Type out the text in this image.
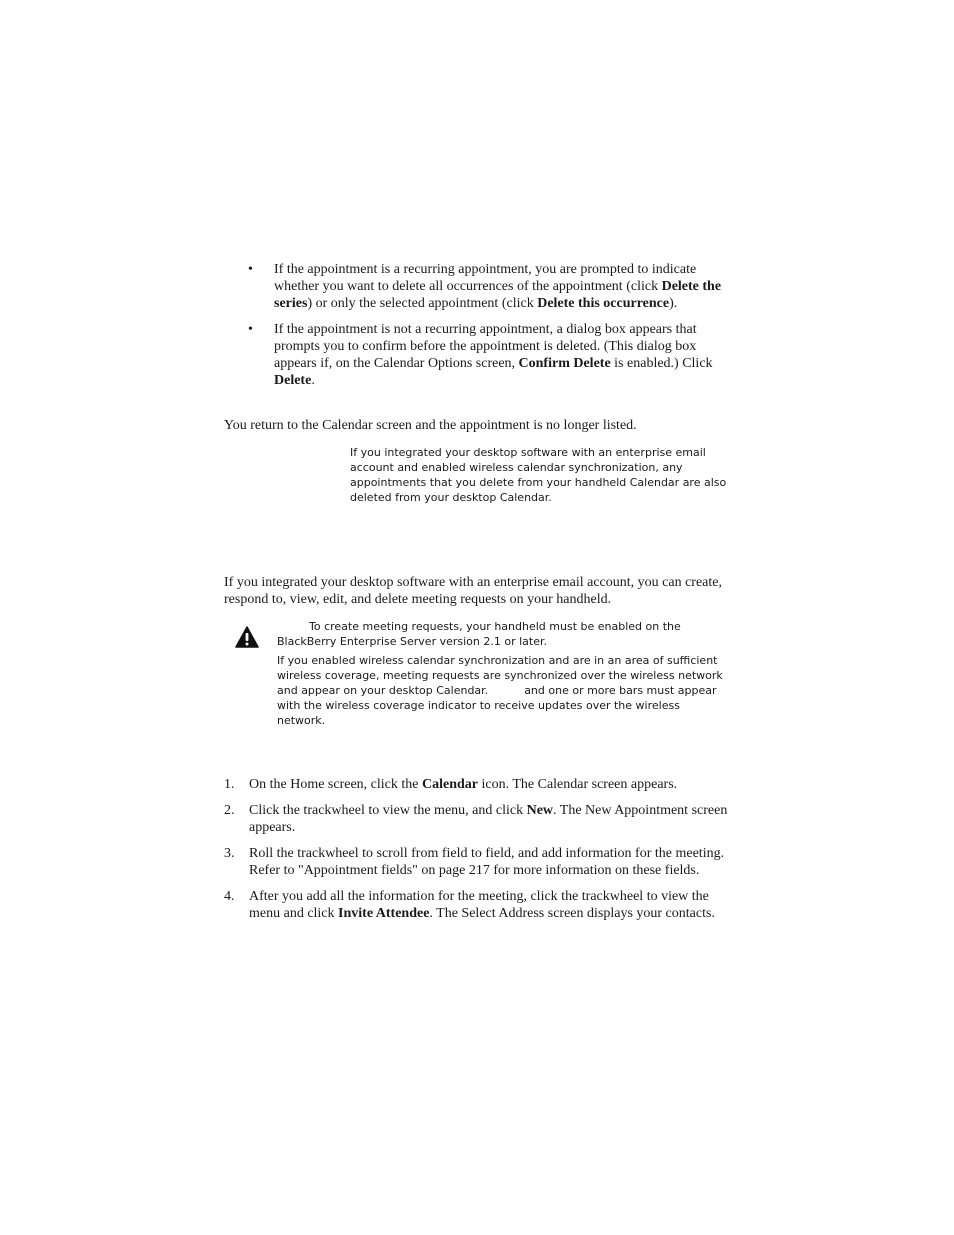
• If the appointment is a recurring appointment, you are prompted to indicate whether you want to delete all occurrences of the appointment (click Delete the series) or only the selected appointment (click Delete this occurrence).

• If the appointment is not a recurring appointment, a dialog box appears that prompts you to confirm before the appointment is deleted. (This dialog box appears if, on the Calendar Options screen, Confirm Delete is enabled.) Click Delete.

You return to the Calendar screen and the appointment is no longer listed.

If you integrated your desktop software with an enterprise email account and enabled wireless calendar synchronization, any appointments that you delete from your handheld Calendar are also deleted from your desktop Calendar.

If you integrated your desktop software with an enterprise email account, you can create, respond to, view, edit, and delete meeting requests on your handheld.

To create meeting requests, your handheld must be enabled on the BlackBerry Enterprise Server version 2.1 or later.

If you enabled wireless calendar synchronization and are in an area of sufficient wireless coverage, meeting requests are synchronized over the wireless network and appear on your desktop Calendar.	and one or more bars must appear with the wireless coverage indicator to receive updates over the wireless network.

1. On the Home screen, click the Calendar icon. The Calendar screen appears.

2. Click the trackwheel to view the menu, and click New. The New Appointment screen appears.

3. Roll the trackwheel to scroll from field to field, and add information for the meeting. Refer to "Appointment fields" on page 217 for more information on these fields.

4. After you add all the information for the meeting, click the trackwheel to view the menu and click Invite Attendee. The Select Address screen displays your contacts.
